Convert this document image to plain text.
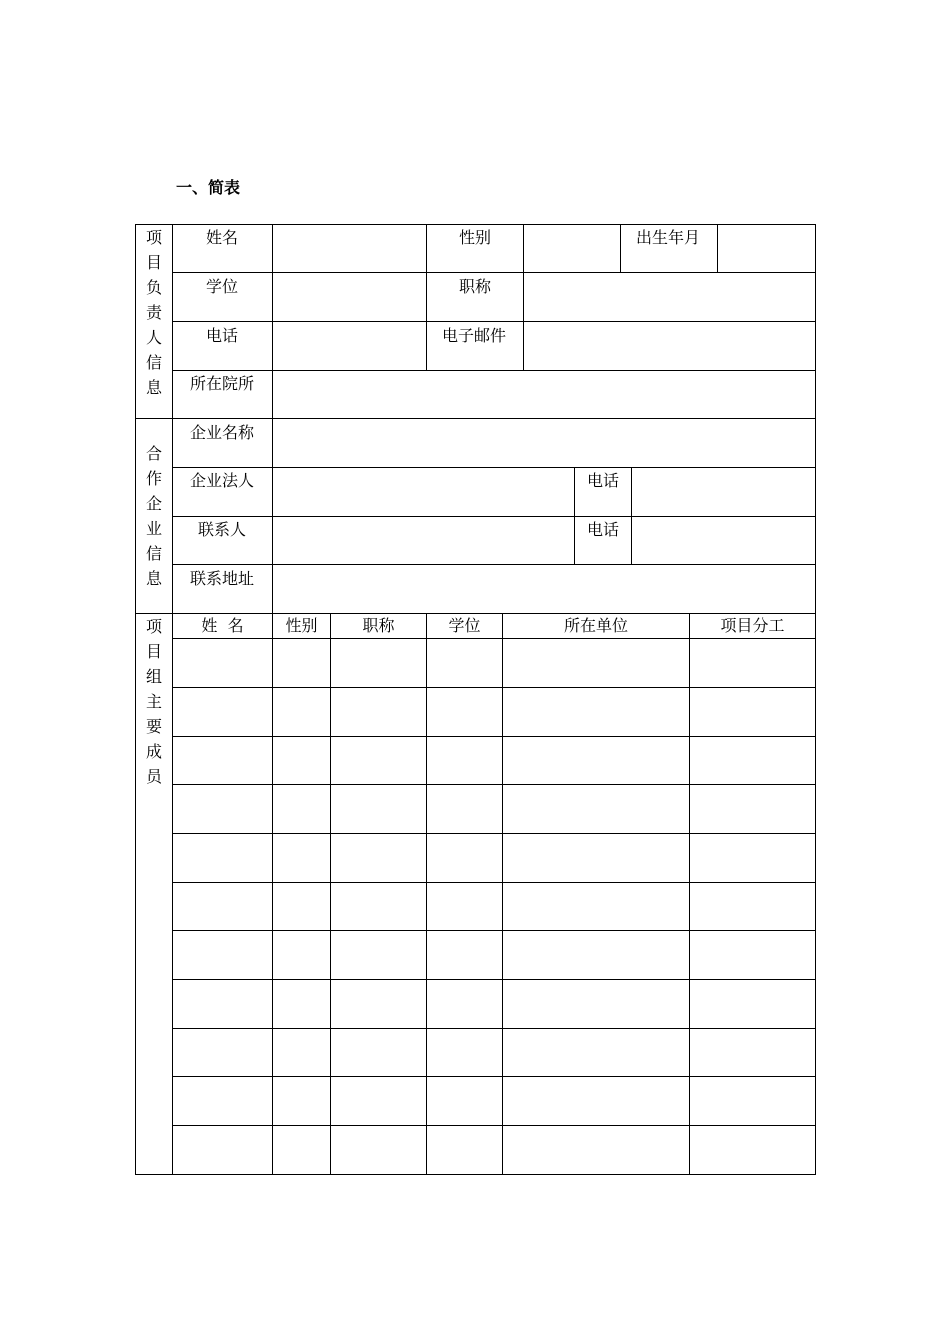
一、简表
项
目
负
责
人
信
息
姓名	性别	出生年月
学位	职称
电话	电子邮件
所在院所
合
作
企
业
信
息
企业名称
企业法人	电话
联系人	电话
联系地址
项
目
组
主
要
成
员
姓  名	性别	职称	学位	所在单位	项目分工
